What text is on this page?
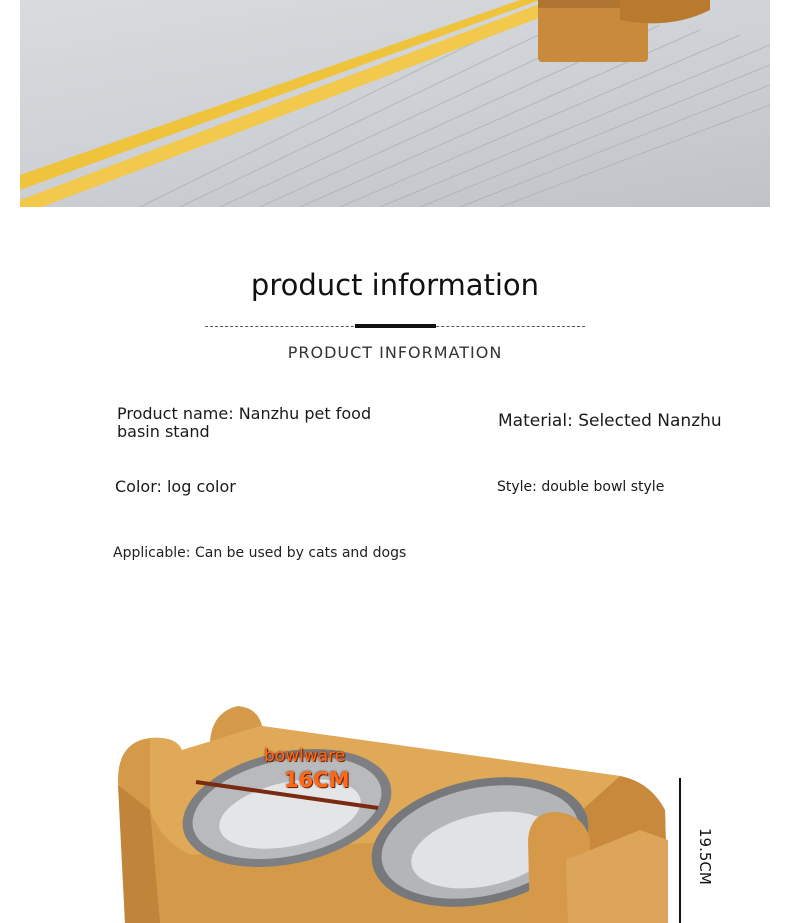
product information
PRODUCT INFORMATION
Product name: Nanzhu pet food basin stand
Material: Selected Nanzhu
Color: log color	Style: double bowl style
Applicable: Can be used by cats and dogs
bowlware
16CM
19.5CM
